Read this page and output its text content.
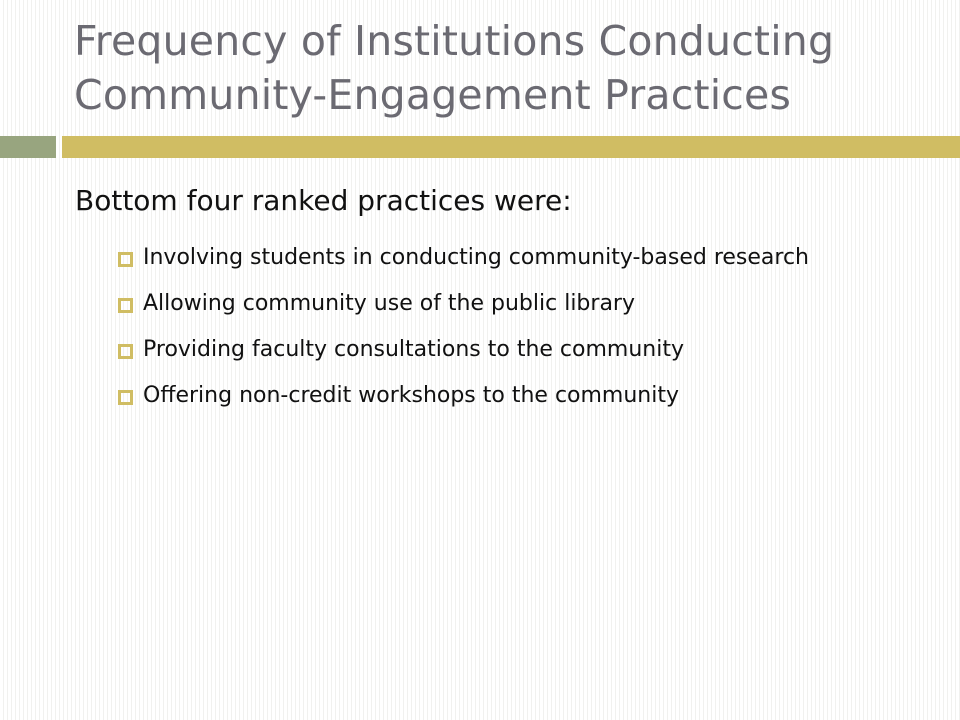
Frequency of Institutions Conducting Community-Engagement Practices
Bottom four ranked practices were:
Involving students in conducting community-based research
Allowing community use of the public library
Providing faculty consultations to the community
Offering non-credit workshops to the community
